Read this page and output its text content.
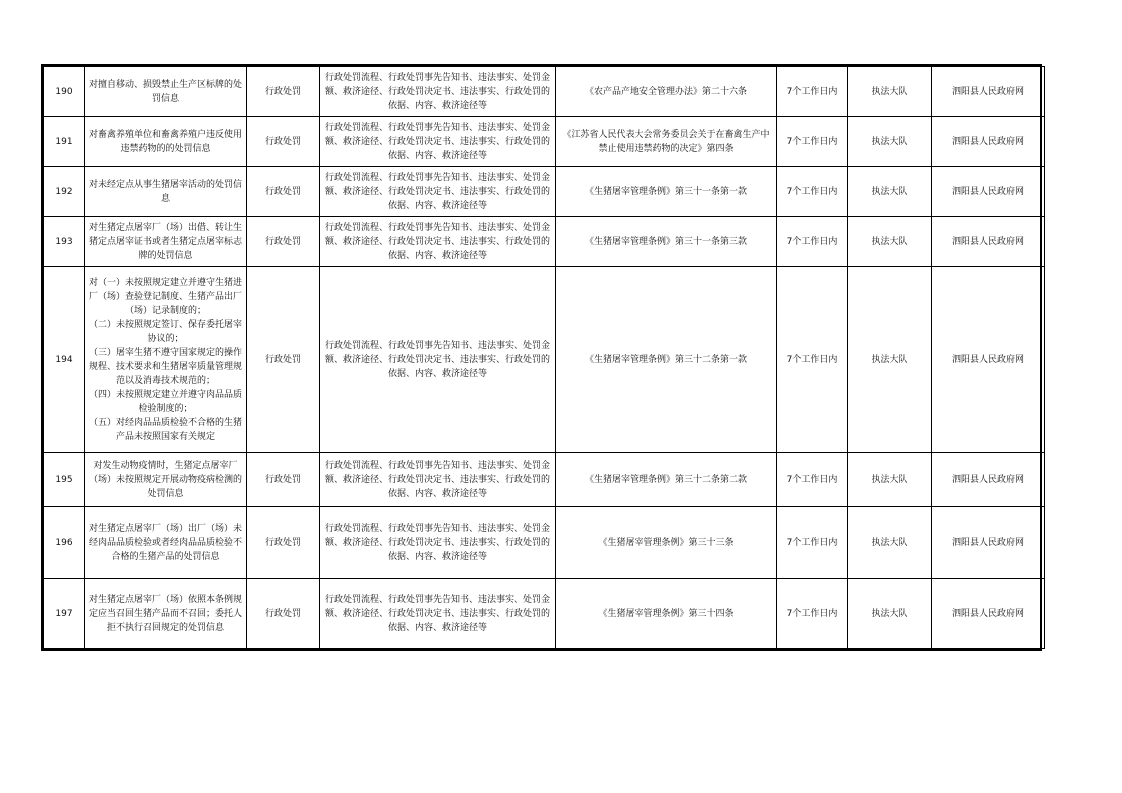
190	对擅自移动、损毁禁止生产区标牌的处罚信息	行政处罚	行政处罚流程、行政处罚事先告知书、违法事实、处罚金额、救济途径、行政处罚决定书、违法事实、行政处罚的依据、内容、救济途径等	《农产品产地安全管理办法》第二十六条	7个工作日内	执法大队	泗阳县人民政府网
191	对畜禽养殖单位和畜禽养殖户违反使用违禁药物的的处罚信息	行政处罚	行政处罚流程、行政处罚事先告知书、违法事实、处罚金额、救济途径、行政处罚决定书、违法事实、行政处罚的依据、内容、救济途径等	《江苏省人民代表大会常务委员会关于在畜禽生产中禁止使用违禁药物的决定》第四条	7个工作日内	执法大队	泗阳县人民政府网
192	对未经定点从事生猪屠宰活动的处罚信息	行政处罚	行政处罚流程、行政处罚事先告知书、违法事实、处罚金额、救济途径、行政处罚决定书、违法事实、行政处罚的依据、内容、救济途径等	《生猪屠宰管理条例》第三十一条第一款	7个工作日内	执法大队	泗阳县人民政府网
193	对生猪定点屠宰厂（场）出借、转让生猪定点屠宰证书或者生猪定点屠宰标志牌的处罚信息	行政处罚	行政处罚流程、行政处罚事先告知书、违法事实、处罚金额、救济途径、行政处罚决定书、违法事实、行政处罚的依据、内容、救济途径等	《生猪屠宰管理条例》第三十一条第三款	7个工作日内	执法大队	泗阳县人民政府网
194	对（一）未按照规定建立并遵守生猪进厂（场）查验登记制度、生猪产品出厂（场）记录制度的；
（二）未按照规定签订、保存委托屠宰协议的；
（三）屠宰生猪不遵守国家规定的操作规程、技术要求和生猪屠宰质量管理规范以及消毒技术规范的；
（四）未按照规定建立并遵守肉品品质检验制度的；
（五）对经肉品品质检验不合格的生猪产品未按照国家有关规定	行政处罚	行政处罚流程、行政处罚事先告知书、违法事实、处罚金额、救济途径、行政处罚决定书、违法事实、行政处罚的依据、内容、救济途径等	《生猪屠宰管理条例》第三十二条第一款	7个工作日内	执法大队	泗阳县人民政府网
195	对发生动物疫情时，生猪定点屠宰厂（场）未按照规定开展动物疫病检测的处罚信息	行政处罚	行政处罚流程、行政处罚事先告知书、违法事实、处罚金额、救济途径、行政处罚决定书、违法事实、行政处罚的依据、内容、救济途径等	《生猪屠宰管理条例》第三十二条第二款	7个工作日内	执法大队	泗阳县人民政府网
196	对生猪定点屠宰厂（场）出厂（场）未经肉品品质检验或者经肉品品质检验不合格的生猪产品的处罚信息	行政处罚	行政处罚流程、行政处罚事先告知书、违法事实、处罚金额、救济途径、行政处罚决定书、违法事实、行政处罚的依据、内容、救济途径等	《生猪屠宰管理条例》第三十三条	7个工作日内	执法大队	泗阳县人民政府网
197	对生猪定点屠宰厂（场）依照本条例规定应当召回生猪产品而不召回；委托人拒不执行召回规定的处罚信息	行政处罚	行政处罚流程、行政处罚事先告知书、违法事实、处罚金额、救济途径、行政处罚决定书、违法事实、行政处罚的依据、内容、救济途径等	《生猪屠宰管理条例》第三十四条	7个工作日内	执法大队	泗阳县人民政府网
